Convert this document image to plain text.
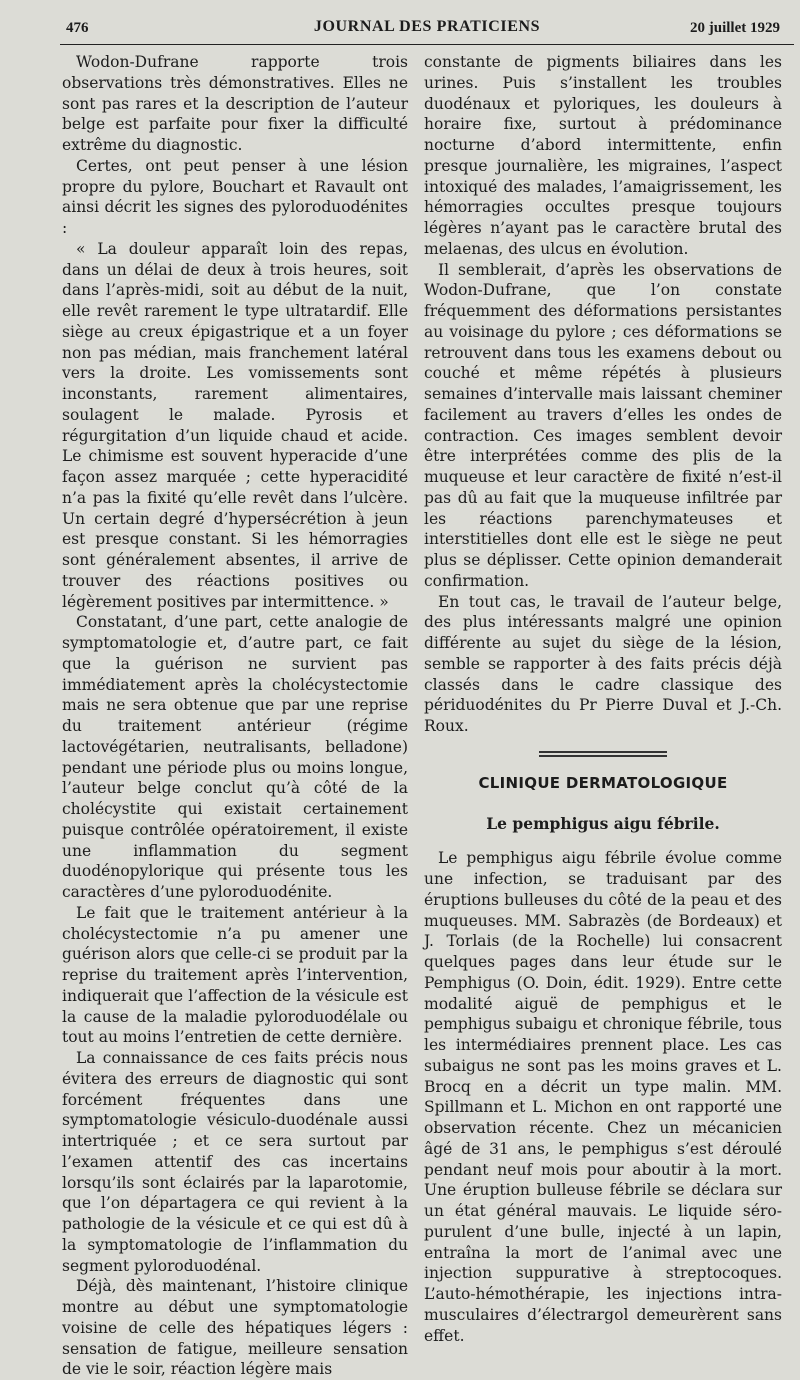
476	JOURNAL DES PRATICIENS	20 juillet 1929

Wodon-Dufrane rapporte trois observations très démonstratives. Elles ne sont pas rares et la description de l’auteur belge est parfaite pour fixer la difficulté extrême du diagnostic.

Certes, ont peut penser à une lésion propre du pylore, Bouchart et Ravault ont ainsi décrit les signes des pyloroduodénites :

« La douleur apparaît loin des repas, dans un délai de deux à trois heures, soit dans l’après-midi, soit au début de la nuit, elle revêt rarement le type ultratardif. Elle siège au creux épigastrique et a un foyer non pas médian, mais franchement latéral vers la droite. Les vomissements sont inconstants, rarement alimentaires, soulagent le malade. Pyrosis et régurgitation d’un liquide chaud et acide. Le chimisme est souvent hyperacide d’une façon assez marquée ; cette hyperacidité n’a pas la fixité qu’elle revêt dans l’ulcère. Un certain degré d’hypersécrétion à jeun est presque constant. Si les hémorragies sont généralement absentes, il arrive de trouver des réactions positives ou légèrement positives par intermittence. »

Constatant, d’une part, cette analogie de symptomatologie et, d’autre part, ce fait que la guérison ne survient pas immédiatement après la cholécystectomie mais ne sera obtenue que par une reprise du traitement antérieur (régime lactovégétarien, neutralisants, belladone) pendant une période plus ou moins longue, l’auteur belge conclut qu’à côté de la cholécystite qui existait certainement puisque contrôlée opératoirement, il existe une inflammation du segment duodénopylorique qui présente tous les caractères d’une pyloroduodénite.

Le fait que le traitement antérieur à la cholécystectomie n’a pu amener une guérison alors que celle-ci se produit par la reprise du traitement après l’intervention, indiquerait que l’affection de la vésicule est la cause de la maladie pyloroduodélale ou tout au moins l’entretien de cette dernière.

La connaissance de ces faits précis nous évitera des erreurs de diagnostic qui sont forcément fréquentes dans une symptomatologie vésiculo-duodénale aussi intertriquée ; et ce sera surtout par l’examen attentif des cas incertains lorsqu’ils sont éclairés par la laparotomie, que l’on départagera ce qui revient à la pathologie de la vésicule et ce qui est dû à la symptomatologie de l’inflammation du segment pyloroduodénal.

Déjà, dès maintenant, l’histoire clinique montre au début une symptomatologie voisine de celle des hépatiques légers : sensation de fatigue, meilleure sensation de vie le soir, réaction légère mais

constante de pigments biliaires dans les urines. Puis s’installent les troubles duodénaux et pyloriques, les douleurs à horaire fixe, surtout à prédominance nocturne d’abord intermittente, enfin presque journalière, les migraines, l’aspect intoxiqué des malades, l’amaigrissement, les hémorragies occultes presque toujours légères n’ayant pas le caractère brutal des melaenas, des ulcus en évolution.

Il semblerait, d’après les observations de Wodon-Dufrane, que l’on constate fréquemment des déformations persistantes au voisinage du pylore ; ces déformations se retrouvent dans tous les examens debout ou couché et même répétés à plusieurs semaines d’intervalle mais laissant cheminer facilement au travers d’elles les ondes de contraction. Ces images semblent devoir être interprétées comme des plis de la muqueuse et leur caractère de fixité n’est-il pas dû au fait que la muqueuse infiltrée par les réactions parenchymateuses et interstitielles dont elle est le siège ne peut plus se déplisser. Cette opinion demanderait confirmation.

En tout cas, le travail de l’auteur belge, des plus intéressants malgré une opinion différente au sujet du siège de la lésion, semble se rapporter à des faits précis déjà classés dans le cadre classique des périduodénites du Pr Pierre Duval et J.-Ch. Roux.

CLINIQUE DERMATOLOGIQUE
Le pemphigus aigu fébrile.

Le pemphigus aigu fébrile évolue comme une infection, se traduisant par des éruptions bulleuses du côté de la peau et des muqueuses. MM. Sabrazès (de Bordeaux) et J. Torlais (de la Rochelle) lui consacrent quelques pages dans leur étude sur le Pemphigus (O. Doin, édit. 1929). Entre cette modalité aiguë de pemphigus et le pemphigus subaigu et chronique fébrile, tous les intermédiaires prennent place. Les cas subaigus ne sont pas les moins graves et L. Brocq en a décrit un type malin. MM. Spillmann et L. Michon en ont rapporté une observation récente. Chez un mécanicien âgé de 31 ans, le pemphigus s’est déroulé pendant neuf mois pour aboutir à la mort. Une éruption bulleuse fébrile se déclara sur un état général mauvais. Le liquide séro-purulent d’une bulle, injecté à un lapin, entraîna la mort de l’animal avec une injection suppurative à streptocoques. L’auto-hémothérapie, les injections intra-musculaires d’électrargol demeurèrent sans effet.
